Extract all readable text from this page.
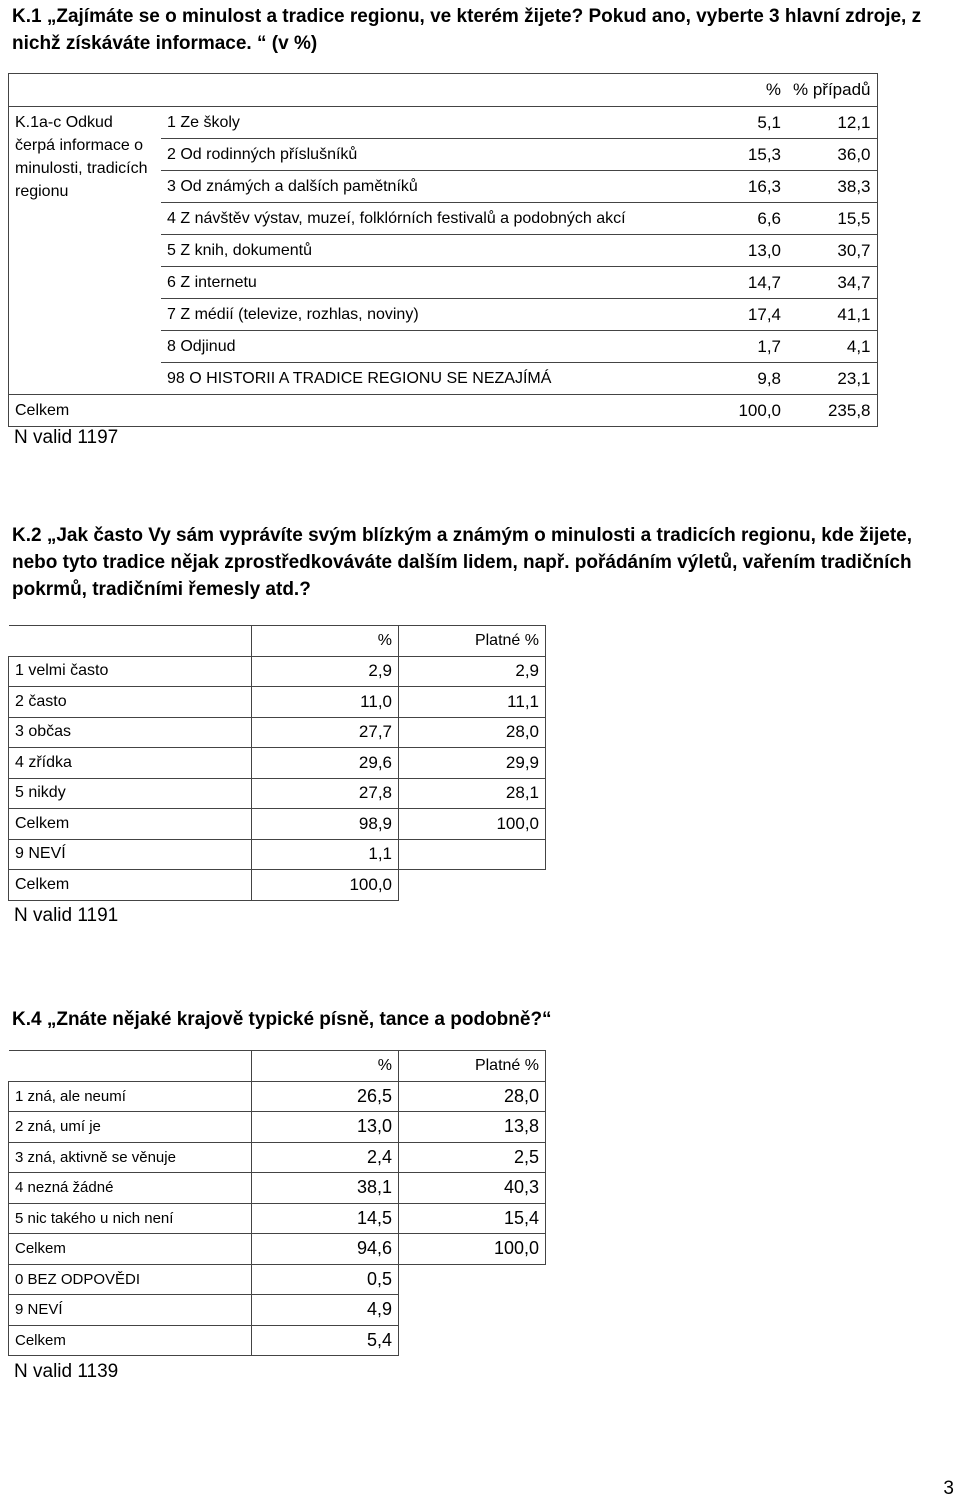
K.1 „Zajímáte se o minulost a tradice regionu, ve kterém žijete? Pokud ano, vyberte 3 hlavní zdroje, z nichž získáváte informace. “ (v %)
		%	% případů
K.1a-c Odkud čerpá informace o minulosti, tradicích regionu	1 Ze školy	5,1	12,1
	2 Od rodinných příslušníků	15,3	36,0
	3 Od známých a dalších pamětníků	16,3	38,3
	4 Z návštěv výstav, muzeí, folklórních festivalů a podobných akcí	6,6	15,5
	5 Z knih, dokumentů	13,0	30,7
	6 Z internetu	14,7	34,7
	7 Z médií (televize, rozhlas, noviny)	17,4	41,1
	8 Odjinud	1,7	4,1
	98 O HISTORII A TRADICE REGIONU SE NEZAJÍMÁ	9,8	23,1
Celkem		100,0	235,8
N valid 1197
K.2 „Jak často Vy sám vyprávíte svým blízkým a známým o minulosti a tradicích regionu, kde žijete, nebo tyto tradice nějak zprostředkováváte dalším lidem, např. pořádáním výletů, vařením tradičních pokrmů, tradičními řemesly atd.?
	%	Platné %
1 velmi často	2,9	2,9
2 často	11,0	11,1
3 občas	27,7	28,0
4 zřídka	29,6	29,9
5 nikdy	27,8	28,1
Celkem	98,9	100,0
9 NEVÍ	1,1	
Celkem	100,0	
N valid 1191
K.4 „Znáte nějaké krajově typické písně, tance a podobně?“
	%	Platné %
1 zná, ale neumí	26,5	28,0
2 zná, umí je	13,0	13,8
3 zná, aktivně se věnuje	2,4	2,5
4 nezná žádné	38,1	40,3
5 nic takého u nich není	14,5	15,4
Celkem	94,6	100,0
0 BEZ ODPOVĚDI	0,5	
9 NEVÍ	4,9	
Celkem	5,4	
N valid 1139
3
